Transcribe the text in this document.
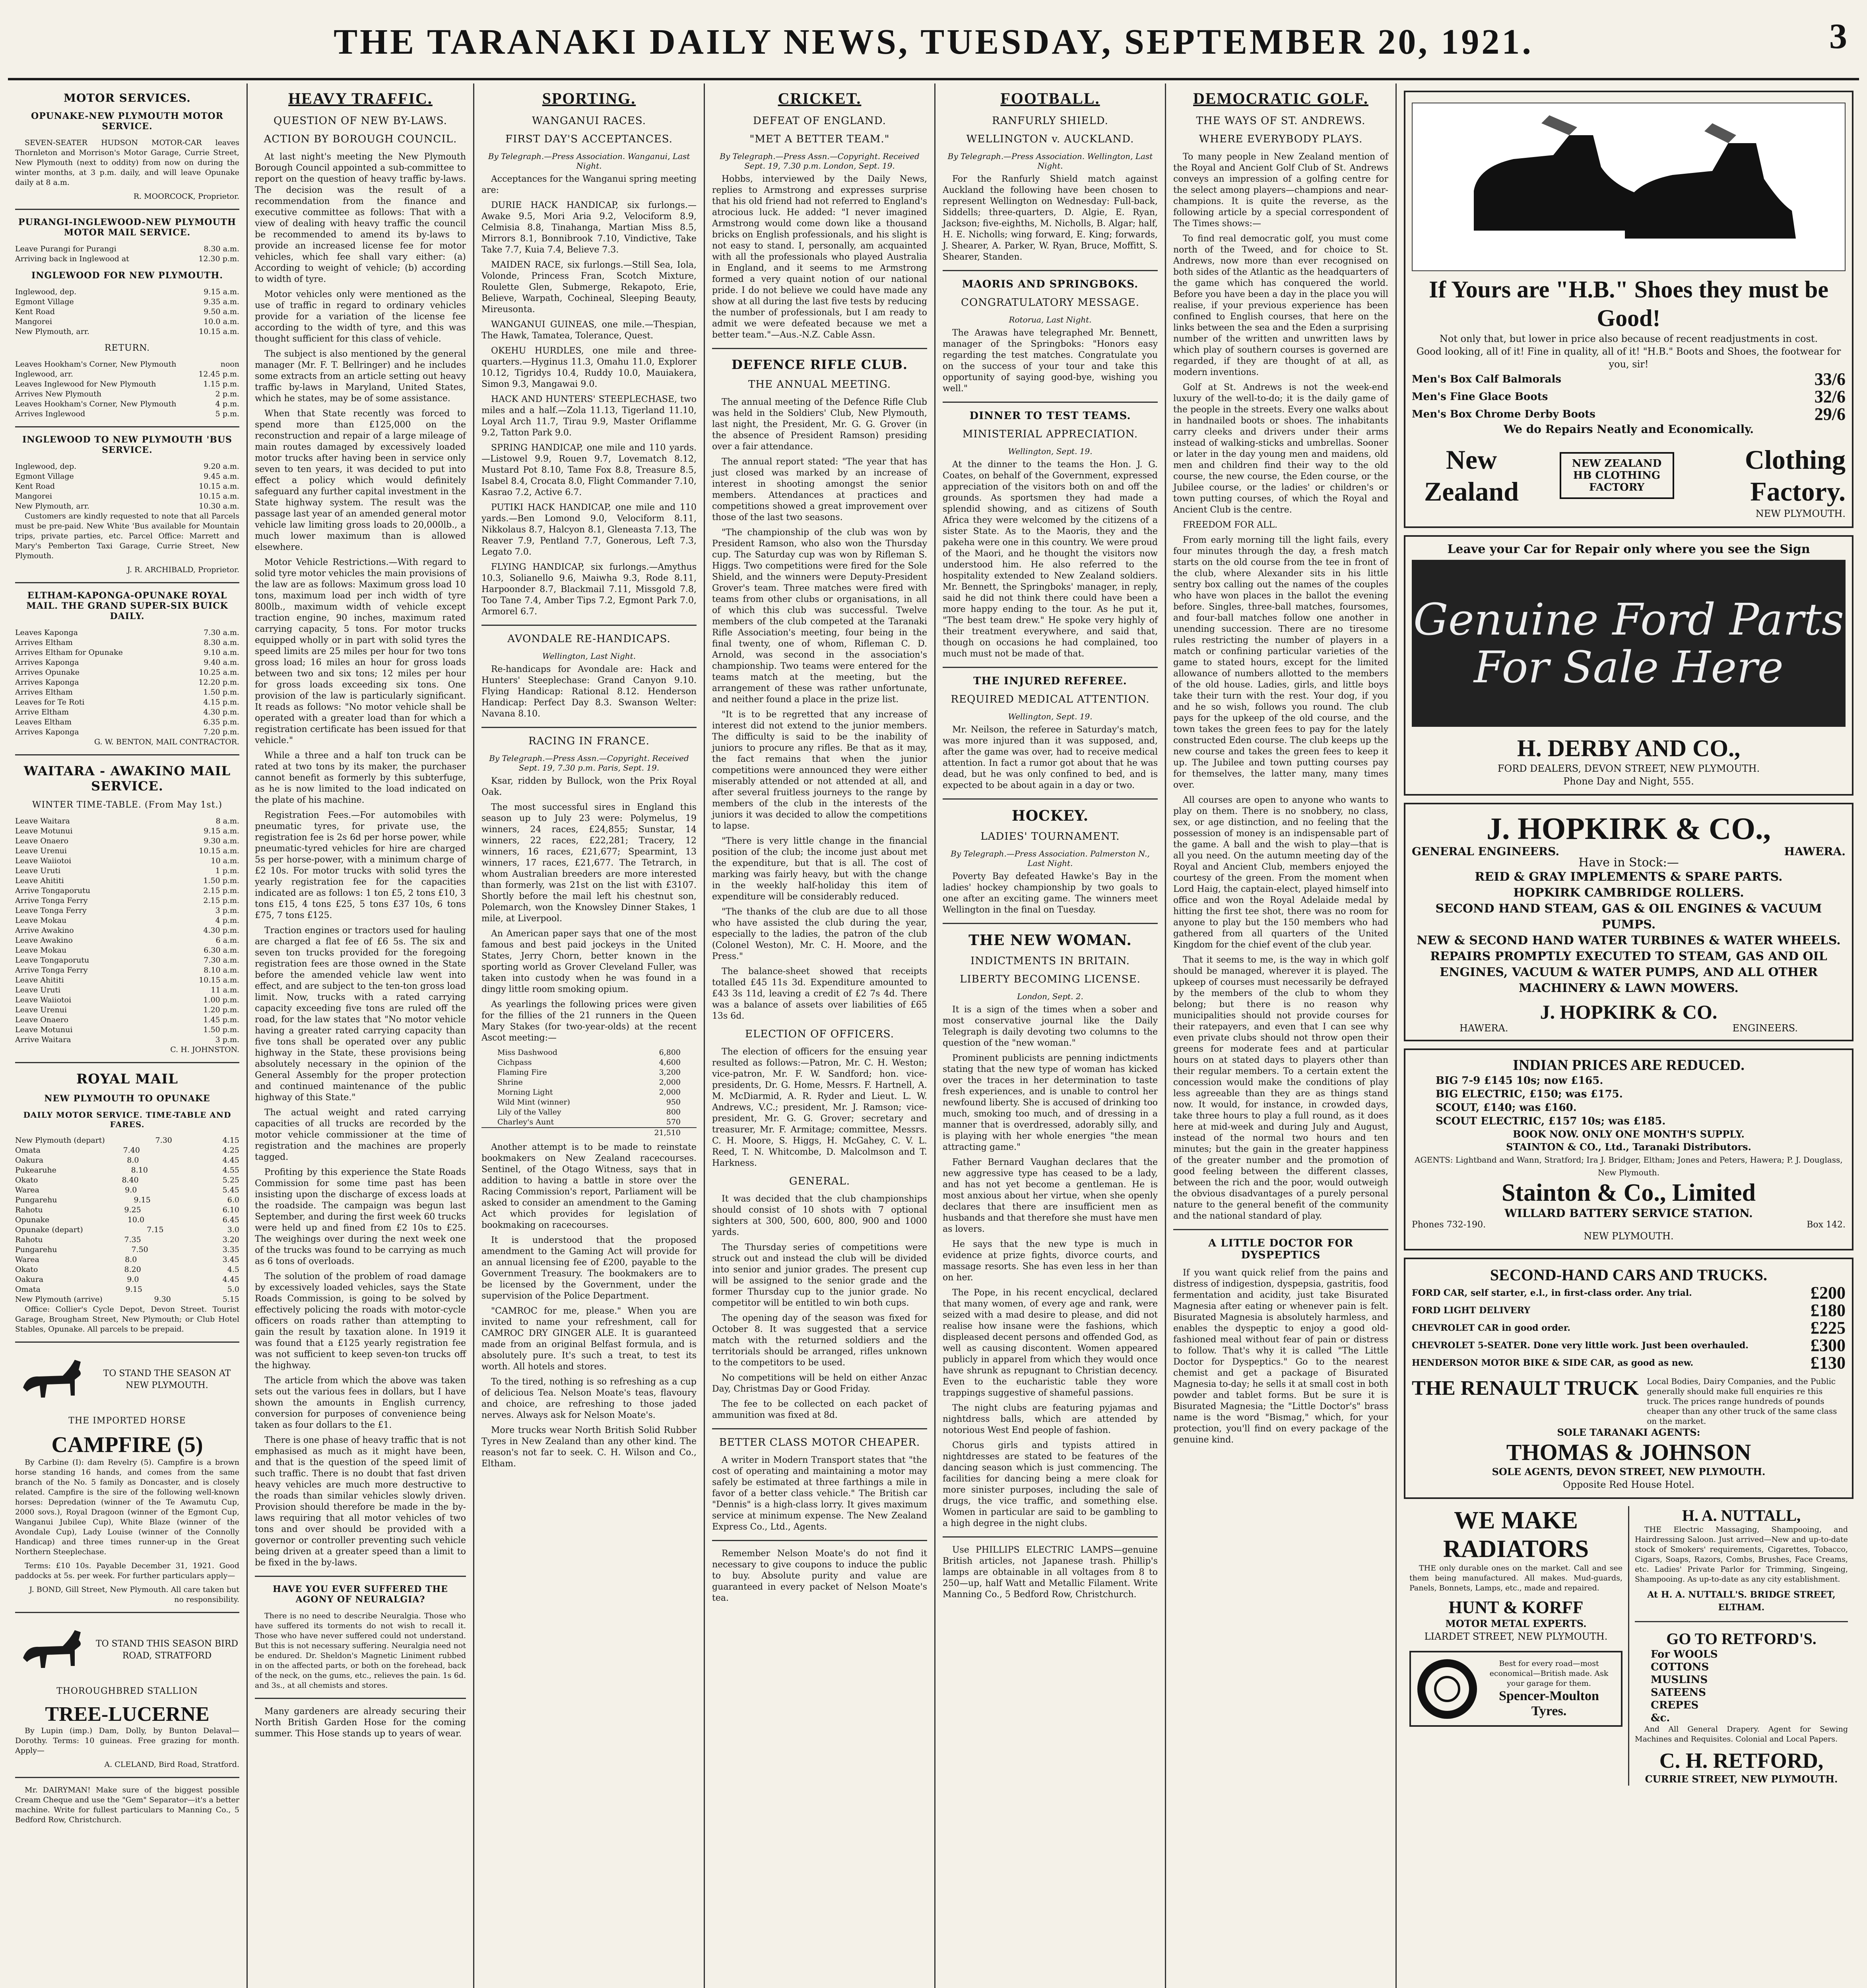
THE TARANAKI DAILY NEWS, TUESDAY, SEPTEMBER 20, 1921.	3
MOTOR SERVICES.
OPUNAKE-NEW PLYMOUTH MOTOR SERVICE.

SEVEN-SEATER HUDSON MOTOR-CAR leaves Thornleton and Morrison's Motor Garage, Currie Street, New Plymouth (next to oddity) from now on during the winter months, at 3 p.m. daily, and will leave Opunake daily at 8 a.m.

R. MOORCOCK, Proprietor.
PURANGI-INGLEWOOD-NEW PLYMOUTH MOTOR MAIL SERVICE.
Leave Purangi for Purangi	8.30 a.m.
Arriving back in Inglewood at	12.30 p.m.
INGLEWOOD FOR NEW PLYMOUTH.
Inglewood, dep.	9.15 a.m.
Egmont Village	9.35 a.m.
Kent Road	9.50 a.m.
Mangorei	10.0 a.m.
New Plymouth, arr.	10.15 a.m.
RETURN.
Leaves Hookham's Corner, New Plymouth	noon
Inglewood, arr.	12.45 p.m.
Leaves Inglewood for New Plymouth	1.15 p.m.
Arrives New Plymouth	2 p.m.
Leaves Hookham's Corner, New Plymouth	4 p.m.
Arrives Inglewood	5 p.m.
INGLEWOOD TO NEW PLYMOUTH 'BUS SERVICE.
Inglewood, dep.	9.20 a.m.
Egmont Village	9.45 a.m.
Kent Road	10.15 a.m.
Mangorei	10.15 a.m.
New Plymouth, arr.	10.30 a.m.

Customers are kindly requested to note that all Parcels must be pre-paid. New White 'Bus available for Mountain trips, private parties, etc. Parcel Office: Marrett and Mary's Pemberton Taxi Garage, Currie Street, New Plymouth.

J. R. ARCHIBALD, Proprietor.
ELTHAM-KAPONGA-OPUNAKE ROYAL MAIL. THE GRAND SUPER-SIX BUICK DAILY.
Leaves Kaponga	7.30 a.m.
Arrives Eltham	8.30 a.m.
Arrives Eltham for Opunake	9.10 a.m.
Arrives Kaponga	9.40 a.m.
Arrives Opunake	10.25 a.m.
Arrives Kaponga	12.20 p.m.
Arrives Eltham	1.50 p.m.
Leaves for Te Roti	4.15 p.m.
Arrive Eltham	4.30 p.m.
Leaves Eltham	6.35 p.m.
Arrives Kaponga	7.20 p.m.
G. W. BENTON, MAIL CONTRACTOR.
WAITARA - AWAKINO MAIL SERVICE.
WINTER TIME-TABLE. (From May 1st.)
Leave Waitara	8 a.m.
Leave Motunui	9.15 a.m.
Leave Onaero	9.30 a.m.
Leave Urenui	10.15 a.m.
Leave Waiiotoi	10 a.m.
Leave Uruti	1 p.m.
Leave Ahititi	1.50 p.m.
Arrive Tongaporutu	2.15 p.m.
Arrive Tonga Ferry	2.15 p.m.
Leave Tonga Ferry	3 p.m.
Leave Mokau	4 p.m.
Arrive Awakino	4.30 p.m.
Leave Awakino	6 a.m.
Leave Mokau	6.30 a.m.
Leave Tongaporutu	7.30 a.m.
Arrive Tonga Ferry	8.10 a.m.
Leave Ahititi	10.15 a.m.
Leave Uruti	11 a.m.
Leave Waiiotoi	1.00 p.m.
Leave Urenui	1.20 p.m.
Leave Onaero	1.45 p.m.
Leave Motunui	1.50 p.m.
Arrive Waitara	3 p.m.
C. H. JOHNSTON.
ROYAL MAIL
NEW PLYMOUTH TO OPUNAKE
DAILY MOTOR SERVICE. TIME-TABLE AND FARES.
New Plymouth (depart)	7.30	4.15
Omata	7.40	4.25
Oakura	8.0	4.45
Pukearuhe	8.10	4.55
Okato	8.40	5.25
Warea	9.0	5.45
Pungarehu	9.15	6.0
Rahotu	9.25	6.10
Opunake	10.0	6.45
Opunake (depart)	7.15	3.0
Rahotu	7.35	3.20
Pungarehu	7.50	3.35
Warea	8.0	3.45
Okato	8.20	4.5
Oakura	9.0	4.45
Omata	9.15	5.0
New Plymouth (arrive)	9.30	5.15

Office: Collier's Cycle Depot, Devon Street. Tourist Garage, Brougham Street, New Plymouth; or Club Hotel Stables, Opunake. All parcels to be prepaid.

TO STAND THE SEASON AT NEW PLYMOUTH.
THE IMPORTED HORSE
CAMPFIRE (5)

By Carbine (I): dam Revelry (5). Campfire is a brown horse standing 16 hands, and comes from the same branch of the No. 5 family as Doncaster, and is closely related. Campfire is the sire of the following well-known horses: Depredation (winner of the Te Awamutu Cup, 2000 sovs.), Royal Dragoon (winner of the Egmont Cup, Wanganui Jubilee Cup), White Blaze (winner of the Avondale Cup), Lady Louise (winner of the Connolly Handicap) and three times runner-up in the Great Northern Steeplechase.

Terms: £10 10s. Payable December 31, 1921. Good paddocks at 5s. per week. For further particulars apply—

J. BOND, Gill Street, New Plymouth. All care taken but no responsibility.

TO STAND THIS SEASON BIRD ROAD, STRATFORD
THOROUGHBRED STALLION
TREE-LUCERNE

By Lupin (imp.) Dam, Dolly, by Bunton Delaval—Dorothy. Terms: 10 guineas. Free grazing for month. Apply—

A. CLELAND, Bird Road, Stratford.

Mr. DAIRYMAN! Make sure of the biggest possible Cream Cheque and use the "Gem" Separator—it's a better machine. Write for fullest particulars to Manning Co., 5 Bedford Row, Christchurch.

HEAVY TRAFFIC.
QUESTION OF NEW BY-LAWS.
ACTION BY BOROUGH COUNCIL.

At last night's meeting the New Plymouth Borough Council appointed a sub-committee to report on the question of heavy traffic by-laws. The decision was the result of a recommendation from the finance and executive committee as follows: That with a view of dealing with heavy traffic the council be recommended to amend its by-laws to provide an increased license fee for motor vehicles, which fee shall vary either: (a) According to weight of vehicle; (b) according to width of tyre.

Motor vehicles only were mentioned as the use of traffic in regard to ordinary vehicles provide for a variation of the license fee according to the width of tyre, and this was thought sufficient for this class of vehicle.

The subject is also mentioned by the general manager (Mr. F. T. Bellringer) and he includes some extracts from an article setting out heavy traffic by-laws in Maryland, United States, which he states, may be of some assistance.

When that State recently was forced to spend more than £125,000 on the reconstruction and repair of a large mileage of main routes damaged by excessively loaded motor trucks after having been in service only seven to ten years, it was decided to put into effect a policy which would definitely safeguard any further capital investment in the State highway system. The result was the passage last year of an amended general motor vehicle law limiting gross loads to 20,000lb., a much lower maximum than is allowed elsewhere.

Motor Vehicle Restrictions.—With regard to solid tyre motor vehicles the main provisions of the law are as follows: Maximum gross load 10 tons, maximum load per inch width of tyre 800lb., maximum width of vehicle except traction engine, 90 inches, maximum rated carrying capacity, 5 tons. For motor trucks equipped wholly or in part with solid tyres the speed limits are 25 miles per hour for two tons gross load; 16 miles an hour for gross loads between two and six tons; 12 miles per hour for gross loads exceeding six tons. One provision of the law is particularly significant. It reads as follows: "No motor vehicle shall be operated with a greater load than for which a registration certificate has been issued for that vehicle."

While a three and a half ton truck can be rated at two tons by its maker, the purchaser cannot benefit as formerly by this subterfuge, as he is now limited to the load indicated on the plate of his machine.

Registration Fees.—For automobiles with pneumatic tyres, for private use, the registration fee is 2s 6d per horse power, while pneumatic-tyred vehicles for hire are charged 5s per horse-power, with a minimum charge of £2 10s. For motor trucks with solid tyres the yearly registration fee for the capacities indicated are as follows: 1 ton £5, 2 tons £10, 3 tons £15, 4 tons £25, 5 tons £37 10s, 6 tons £75, 7 tons £125.

Traction engines or tractors used for hauling are charged a flat fee of £6 5s. The six and seven ton trucks provided for the foregoing registration fees are those owned in the State before the amended vehicle law went into effect, and are subject to the ten-ton gross load limit. Now, trucks with a rated carrying capacity exceeding five tons are ruled off the road, for the law states that "No motor vehicle having a greater rated carrying capacity than five tons shall be operated over any public highway in the State, these provisions being absolutely necessary in the opinion of the General Assembly for the proper protection and continued maintenance of the public highway of this State."

The actual weight and rated carrying capacities of all trucks are recorded by the motor vehicle commissioner at the time of registration and the machines are properly tagged.

Profiting by this experience the State Roads Commission for some time past has been insisting upon the discharge of excess loads at the roadside. The campaign was begun last September, and during the first week 60 trucks were held up and fined from £2 10s to £25. The weighings over during the next week one of the trucks was found to be carrying as much as 6 tons of overloads.

The solution of the problem of road damage by excessively loaded vehicles, says the State Roads Commission, is going to be solved by effectively policing the roads with motor-cycle officers on roads rather than attempting to gain the result by taxation alone. In 1919 it was found that a £125 yearly registration fee was not sufficient to keep seven-ton trucks off the highway.

The article from which the above was taken sets out the various fees in dollars, but I have shown the amounts in English currency, conversion for purposes of convenience being taken as four dollars to the £1.

There is one phase of heavy traffic that is not emphasised as much as it might have been, and that is the question of the speed limit of such traffic. There is no doubt that fast driven heavy vehicles are much more destructive to the roads than similar vehicles slowly driven. Provision should therefore be made in the by-laws requiring that all motor vehicles of two tons and over should be provided with a governor or controller preventing such vehicle being driven at a greater speed than a limit to be fixed in the by-laws.

HAVE YOU EVER SUFFERED THE AGONY OF NEURALGIA?

There is no need to describe Neuralgia. Those who have suffered its torments do not wish to recall it. Those who have never suffered could not understand. But this is not necessary suffering. Neuralgia need not be endured. Dr. Sheldon's Magnetic Liniment rubbed in on the affected parts, or both on the forehead, back of the neck, on the gums, etc., relieves the pain. 1s 6d. and 3s., at all chemists and stores.

Many gardeners are already securing their North British Garden Hose for the coming summer. This Hose stands up to years of wear.

SPORTING.
WANGANUI RACES.
FIRST DAY'S ACCEPTANCES.
By Telegraph.—Press Association. Wanganui, Last Night.

Acceptances for the Wanganui spring meeting are:

DURIE HACK HANDICAP, six furlongs.—Awake 9.5, Mori Aria 9.2, Velociform 8.9, Celmisia 8.8, Tinahanga, Martian Miss 8.5, Mirrors 8.1, Bonnibrook 7.10, Vindictive, Take Take 7.7, Kuia 7.4, Believe 7.3.

MAIDEN RACE, six furlongs.—Still Sea, Iola, Volonde, Princess Fran, Scotch Mixture, Roulette Glen, Submerge, Rekapoto, Erie, Believe, Warpath, Cochineal, Sleeping Beauty, Mireusonta.

WANGANUI GUINEAS, one mile.—Thespian, The Hawk, Tamatea, Tolerance, Quest.

OKEHU HURDLES, one mile and three-quarters.—Hyginus 11.3, Omahu 11.0, Explorer 10.12, Tigridys 10.4, Ruddy 10.0, Mauiakera, Simon 9.3, Mangawai 9.0.

HACK AND HUNTERS' STEEPLECHASE, two miles and a half.—Zola 11.13, Tigerland 11.10, Loyal Arch 11.7, Tirau 9.9, Master Oriflamme 9.2, Tatton Park 9.0.

SPRING HANDICAP, one mile and 110 yards.—Listowel 9.9, Rouen 9.7, Lovematch 8.12, Mustard Pot 8.10, Tame Fox 8.8, Treasure 8.5, Isabel 8.4, Crocata 8.0, Flight Commander 7.10, Kasrao 7.2, Active 6.7.

PUTIKI HACK HANDICAP, one mile and 110 yards.—Ben Lomond 9.0, Velociform 8.11, Nikkolaus 8.7, Halcyon 8.1, Gleneasta 7.13, The Reaver 7.9, Pentland 7.7, Gonerous, Left 7.3, Legato 7.0.

FLYING HANDICAP, six furlongs.—Amythus 10.3, Solianello 9.6, Maiwha 9.3, Rode 8.11, Harpoonder 8.7, Blackmail 7.11, Missgold 7.8, Too Tane 7.4, Amber Tips 7.2, Egmont Park 7.0, Armorel 6.7.

AVONDALE RE-HANDICAPS.
Wellington, Last Night.

Re-handicaps for Avondale are: Hack and Hunters' Steeplechase: Grand Canyon 9.10. Flying Handicap: Rational 8.12. Henderson Handicap: Perfect Day 8.3. Swanson Welter: Navana 8.10.

RACING IN FRANCE.
By Telegraph.—Press Assn.—Copyright. Received Sept. 19, 7.30 p.m. Paris, Sept. 19.

Ksar, ridden by Bullock, won the Prix Royal Oak.

The most successful sires in England this season up to July 23 were: Polymelus, 19 winners, 24 races, £24,855; Sunstar, 14 winners, 22 races, £22,281; Tracery, 12 winners, 16 races, £21,677; Spearmint, 13 winners, 17 races, £21,677. The Tetrarch, in whom Australian breeders are more interested than formerly, was 21st on the list with £3107. Shortly before the mail left his chestnut son, Polemarch, won the Knowsley Dinner Stakes, 1 mile, at Liverpool.

An American paper says that one of the most famous and best paid jockeys in the United States, Jerry Chorn, better known in the sporting world as Grover Cleveland Fuller, was taken into custody when he was found in a dingy little room smoking opium.

As yearlings the following prices were given for the fillies of the 21 runners in the Queen Mary Stakes (for two-year-olds) at the recent Ascot meeting:—

Miss Dashwood	6,800
Cichpass	4,600
Flaming Fire	3,200
Shrine	2,000
Morning Light	2,000
Wild Mint (winner)	950
Lily of the Valley	800
Charley's Aunt	570
21,510

Another attempt is to be made to reinstate bookmakers on New Zealand racecourses. Sentinel, of the Otago Witness, says that in addition to having a battle in store over the Racing Commission's report, Parliament will be asked to consider an amendment to the Gaming Act which provides for legislation of bookmaking on racecourses.

It is understood that the proposed amendment to the Gaming Act will provide for an annual licensing fee of £200, payable to the Government Treasury. The bookmakers are to be licensed by the Government, under the supervision of the Police Department.

"CAMROC for me, please." When you are invited to name your refreshment, call for CAMROC DRY GINGER ALE. It is guaranteed made from an original Belfast formula, and is absolutely pure. It's such a treat, to test its worth. All hotels and stores.

To the tired, nothing is so refreshing as a cup of delicious Tea. Nelson Moate's teas, flavoury and choice, are refreshing to those jaded nerves. Always ask for Nelson Moate's.

More trucks wear North British Solid Rubber Tyres in New Zealand than any other kind. The reason's not far to seek. C. H. Wilson and Co., Eltham.

CRICKET.
DEFEAT OF ENGLAND.
"MET A BETTER TEAM."
By Telegraph.—Press Assn.—Copyright. Received Sept. 19, 7.30 p.m. London, Sept. 19.

Hobbs, interviewed by the Daily News, replies to Armstrong and expresses surprise that his old friend had not referred to England's atrocious luck. He added: "I never imagined Armstrong would come down like a thousand bricks on English professionals, and his slight is not easy to stand. I, personally, am acquainted with all the professionals who played Australia in England, and it seems to me Armstrong formed a very quaint notion of our national pride. I do not believe we could have made any show at all during the last five tests by reducing the number of professionals, but I am ready to admit we were defeated because we met a better team."—Aus.-N.Z. Cable Assn.

DEFENCE RIFLE CLUB.
THE ANNUAL MEETING.

The annual meeting of the Defence Rifle Club was held in the Soldiers' Club, New Plymouth, last night, the President, Mr. G. G. Grover (in the absence of President Ramson) presiding over a fair attendance.

The annual report stated: "The year that has just closed was marked by an increase of interest in shooting amongst the senior members. Attendances at practices and competitions showed a great improvement over those of the last two seasons.

"The championship of the club was won by President Ramson, who also won the Thursday cup. The Saturday cup was won by Rifleman S. Higgs. Two competitions were fired for the Sole Shield, and the winners were Deputy-President Grover's team. Three matches were fired with teams from other clubs or organisations, in all of which this club was successful. Twelve members of the club competed at the Taranaki Rifle Association's meeting, four being in the final twenty, one of whom, Rifleman C. D. Arnold, was second in the association's championship. Two teams were entered for the teams match at the meeting, but the arrangement of these was rather unfortunate, and neither found a place in the prize list.

"It is to be regretted that any increase of interest did not extend to the junior members. The difficulty is said to be the inability of juniors to procure any rifles. Be that as it may, the fact remains that when the junior competitions were announced they were either miserably attended or not attended at all, and after several fruitless journeys to the range by members of the club in the interests of the juniors it was decided to allow the competitions to lapse.

"There is very little change in the financial position of the club; the income just about met the expenditure, but that is all. The cost of marking was fairly heavy, but with the change in the weekly half-holiday this item of expenditure will be considerably reduced.

"The thanks of the club are due to all those who have assisted the club during the year, especially to the ladies, the patron of the club (Colonel Weston), Mr. C. H. Moore, and the Press."

The balance-sheet showed that receipts totalled £45 11s 3d. Expenditure amounted to £43 3s 11d, leaving a credit of £2 7s 4d. There was a balance of assets over liabilities of £65 13s 6d.

ELECTION OF OFFICERS.

The election of officers for the ensuing year resulted as follows:—Patron, Mr. C. H. Weston; vice-patron, Mr. F. W. Sandford; hon. vice-presidents, Dr. G. Home, Messrs. F. Hartnell, A. M. McDiarmid, A. R. Ryder and Lieut. L. W. Andrews, V.C.; president, Mr. J. Ramson; vice-president, Mr. G. G. Grover; secretary and treasurer, Mr. F. Armitage; committee, Messrs. C. H. Moore, S. Higgs, H. McGahey, C. V. L. Reed, T. N. Whitcombe, D. Malcolmson and T. Harkness.

GENERAL.

It was decided that the club championships should consist of 10 shots with 7 optional sighters at 300, 500, 600, 800, 900 and 1000 yards.

The Thursday series of competitions were struck out and instead the club will be divided into senior and junior grades. The present cup will be assigned to the senior grade and the former Thursday cup to the junior grade. No competitor will be entitled to win both cups.

The opening day of the season was fixed for October 8. It was suggested that a service match with the returned soldiers and the territorials should be arranged, rifles unknown to the competitors to be used.

No competitions will be held on either Anzac Day, Christmas Day or Good Friday.

The fee to be collected on each packet of ammunition was fixed at 8d.

BETTER CLASS MOTOR CHEAPER.

A writer in Modern Transport states that "the cost of operating and maintaining a motor may safely be estimated at three farthings a mile in favor of a better class vehicle." The British car "Dennis" is a high-class lorry. It gives maximum service at minimum expense. The New Zealand Express Co., Ltd., Agents.

Remember Nelson Moate's do not find it necessary to give coupons to induce the public to buy. Absolute purity and value are guaranteed in every packet of Nelson Moate's tea.

FOOTBALL.
RANFURLY SHIELD.
WELLINGTON v. AUCKLAND.
By Telegraph.—Press Association. Wellington, Last Night.

For the Ranfurly Shield match against Auckland the following have been chosen to represent Wellington on Wednesday: Full-back, Siddells; three-quarters, D. Algie, E. Ryan, Jackson; five-eighths, M. Nicholls, B. Algar; half, H. E. Nicholls; wing forward, E. King; forwards, J. Shearer, A. Parker, W. Ryan, Bruce, Moffitt, S. Shearer, Standen.

MAORIS AND SPRINGBOKS.
CONGRATULATORY MESSAGE.
Rotorua, Last Night.

The Arawas have telegraphed Mr. Bennett, manager of the Springboks: "Honors easy regarding the test matches. Congratulate you on the success of your tour and take this opportunity of saying good-bye, wishing you well."

DINNER TO TEST TEAMS.
MINISTERIAL APPRECIATION.
Wellington, Sept. 19.

At the dinner to the teams the Hon. J. G. Coates, on behalf of the Government, expressed appreciation of the visitors both on and off the grounds. As sportsmen they had made a splendid showing, and as citizens of South Africa they were welcomed by the citizens of a sister State. As to the Maoris, they and the pakeha were one in this country. We were proud of the Maori, and he thought the visitors now understood him. He also referred to the hospitality extended to New Zealand soldiers. Mr. Bennett, the Springboks' manager, in reply, said he did not think there could have been a more happy ending to the tour. As he put it, "The best team drew." He spoke very highly of their treatment everywhere, and said that, though on occasions he had complained, too much must not be made of that.

THE INJURED REFEREE.
REQUIRED MEDICAL ATTENTION.
Wellington, Sept. 19.

Mr. Neilson, the referee in Saturday's match, was more injured than it was supposed, and, after the game was over, had to receive medical attention. In fact a rumor got about that he was dead, but he was only confined to bed, and is expected to be about again in a day or two.

HOCKEY.
LADIES' TOURNAMENT.
By Telegraph.—Press Association. Palmerston N., Last Night.

Poverty Bay defeated Hawke's Bay in the ladies' hockey championship by two goals to one after an exciting game. The winners meet Wellington in the final on Tuesday.

THE NEW WOMAN.
INDICTMENTS IN BRITAIN.
LIBERTY BECOMING LICENSE.
London, Sept. 2.

It is a sign of the times when a sober and most conservative journal like the Daily Telegraph is daily devoting two columns to the question of the "new woman."

Prominent publicists are penning indictments stating that the new type of woman has kicked over the traces in her determination to taste fresh experiences, and is unable to control her newfound liberty. She is accused of drinking too much, smoking too much, and of dressing in a manner that is overdressed, adorably silly, and is playing with her whole energies "the mean attracting game."

Father Bernard Vaughan declares that the new aggressive type has ceased to be a lady, and has not yet become a gentleman. He is most anxious about her virtue, when she openly declares that there are insufficient men as husbands and that therefore she must have men as lovers.

He says that the new type is much in evidence at prize fights, divorce courts, and massage resorts. She has even less in her than on her.

The Pope, in his recent encyclical, declared that many women, of every age and rank, were seized with a mad desire to please, and did not realise how insane were the fashions, which displeased decent persons and offended God, as well as causing discontent. Women appeared publicly in apparel from which they would once have shrunk as repugnant to Christian decency. Even to the eucharistic table they wore trappings suggestive of shameful passions.

The night clubs are featuring pyjamas and nightdress balls, which are attended by notorious West End people of fashion.

Chorus girls and typists attired in nightdresses are stated to be features of the dancing season which is just commencing. The facilities for dancing being a mere cloak for more sinister purposes, including the sale of drugs, the vice traffic, and something else. Women in particular are said to be gambling to a high degree in the night clubs.

Use PHILLIPS ELECTRIC LAMPS—genuine British articles, not Japanese trash. Phillip's lamps are obtainable in all voltages from 8 to 250—up, half Watt and Metallic Filament. Write Manning Co., 5 Bedford Row, Christchurch.

DEMOCRATIC GOLF.
THE WAYS OF ST. ANDREWS.
WHERE EVERYBODY PLAYS.

To many people in New Zealand mention of the Royal and Ancient Golf Club of St. Andrews conveys an impression of a golfing centre for the select among players—champions and near-champions. It is quite the reverse, as the following article by a special correspondent of The Times shows:—

To find real democratic golf, you must come north of the Tweed, and for choice to St. Andrews, now more than ever recognised on both sides of the Atlantic as the headquarters of the game which has conquered the world. Before you have been a day in the place you will realise, if your previous experience has been confined to English courses, that here on the links between the sea and the Eden a surprising number of the written and unwritten laws by which play of southern courses is governed are regarded, if they are thought of at all, as modern inventions.

Golf at St. Andrews is not the week-end luxury of the well-to-do; it is the daily game of the people in the streets. Every one walks about in handnailed boots or shoes. The inhabitants carry cleeks and drivers under their arms instead of walking-sticks and umbrellas. Sooner or later in the day young men and maidens, old men and children find their way to the old course, the new course, the Eden course, or the Jubilee course, or the ladies' or children's or town putting courses, of which the Royal and Ancient Club is the centre.

FREEDOM FOR ALL.

From early morning till the light fails, every four minutes through the day, a fresh match starts on the old course from the tee in front of the club, where Alexander sits in his little sentry box calling out the names of the couples who have won places in the ballot the evening before. Singles, three-ball matches, foursomes, and four-ball matches follow one another in unending succession. There are no tiresome rules restricting the number of players in a match or confining particular varieties of the game to stated hours, except for the limited allowance of numbers allotted to the members of the old house. Ladies, girls, and little boys take their turn with the rest. Your dog, if you and he so wish, follows you round. The club pays for the upkeep of the old course, and the town takes the green fees to pay for the lately constructed Eden course. The club keeps up the new course and takes the green fees to keep it up. The Jubilee and town putting courses pay for themselves, the latter many, many times over.

All courses are open to anyone who wants to play on them. There is no snobbery, no class, sex, or age distinction, and no feeling that the possession of money is an indispensable part of the game. A ball and the wish to play—that is all you need. On the autumn meeting day of the Royal and Ancient Club, members enjoyed the courtesy of the green. From the moment when Lord Haig, the captain-elect, played himself into office and won the Royal Adelaide medal by hitting the first tee shot, there was no room for anyone to play but the 150 members who had gathered from all quarters of the United Kingdom for the chief event of the club year.

That it seems to me, is the way in which golf should be managed, wherever it is played. The upkeep of courses must necessarily be defrayed by the members of the club to whom they belong; but there is no reason why municipalities should not provide courses for their ratepayers, and even that I can see why even private clubs should not throw open their greens for moderate fees and at particular hours on at stated days to players other than their regular members. To a certain extent the concession would make the conditions of play less agreeable than they are as things stand now. It would, for instance, in crowded days, take three hours to play a full round, as it does here at mid-week and during July and August, instead of the normal two hours and ten minutes; but the gain in the greater happiness of the greater number and the promotion of good feeling between the different classes, between the rich and the poor, would outweigh the obvious disadvantages of a purely personal nature to the general benefit of the community and the national standard of play.

A LITTLE DOCTOR FOR DYSPEPTICS

If you want quick relief from the pains and distress of indigestion, dyspepsia, gastritis, food fermentation and acidity, just take Bisurated Magnesia after eating or whenever pain is felt. Bisurated Magnesia is absolutely harmless, and enables the dyspeptic to enjoy a good old-fashioned meal without fear of pain or distress to follow. That's why it is called "The Little Doctor for Dyspeptics." Go to the nearest chemist and get a package of Bisurated Magnesia to-day; he sells it at small cost in both powder and tablet forms. But be sure it is Bisurated Magnesia; the "Little Doctor's" brass name is the word "Bismag," which, for your protection, you'll find on every package of the genuine kind.

If Yours are "H.B." Shoes they must be Good!
Not only that, but lower in price also because of recent readjustments in cost.
Good looking, all of it! Fine in quality, all of it! "H.B." Boots and Shoes, the footwear for you, sir!
Men's Box Calf Balmorals	33/6
Men's Fine Glace Boots	32/6
Men's Box Chrome Derby Boots	29/6
We do Repairs Neatly and Economically.
New Zealand
NEW ZEALAND HB CLOTHING FACTORY
Clothing Factory.
NEW PLYMOUTH.
Leave your Car for Repair only where you see the Sign
Genuine Ford Parts For Sale Here
H. DERBY AND CO.,
FORD DEALERS, DEVON STREET, NEW PLYMOUTH.
Phone Day and Night, 555.
J. HOPKIRK & CO.,
GENERAL ENGINEERS.	HAWERA.
Have in Stock:—
REID & GRAY IMPLEMENTS & SPARE PARTS.
HOPKIRK CAMBRIDGE ROLLERS.
SECOND HAND STEAM, GAS & OIL ENGINES & VACUUM PUMPS.
NEW & SECOND HAND WATER TURBINES & WATER WHEELS.
REPAIRS PROMPTLY EXECUTED TO STEAM, GAS AND OIL ENGINES, VACUUM & WATER PUMPS, AND ALL OTHER MACHINERY & LAWN MOWERS.
J. HOPKIRK & CO.
HAWERA.	ENGINEERS.
INDIAN PRICES ARE REDUCED.
BIG 7-9 £145 10s; now £165.
BIG ELECTRIC, £150; was £175.
SCOUT, £140; was £160.
SCOUT ELECTRIC, £157 10s; was £185.
BOOK NOW. ONLY ONE MONTH'S SUPPLY.
STAINTON & CO., Ltd., Taranaki Distributors.
AGENTS: Lightband and Wann, Stratford; Ira J. Bridger, Eltham; Jones and Peters, Hawera; P. J. Douglass, New Plymouth.
Stainton & Co., Limited
WILLARD BATTERY SERVICE STATION.
Phones 732-190.	Box 142.
NEW PLYMOUTH.
SECOND-HAND CARS AND TRUCKS.
FORD CAR, self starter, e.l., in first-class order. Any trial.	£200
FORD LIGHT DELIVERY	£180
CHEVROLET CAR in good order.	£225
CHEVROLET 5-SEATER. Done very little work. Just been overhauled.	£300
HENDERSON MOTOR BIKE & SIDE CAR, as good as new.	£130
THE RENAULT TRUCK Local Bodies, Dairy Companies, and the Public generally should make full enquiries re this truck. The prices range hundreds of pounds cheaper than any other truck of the same class on the market.
SOLE TARANAKI AGENTS:
THOMAS & JOHNSON
SOLE AGENTS, DEVON STREET, NEW PLYMOUTH.
Opposite Red House Hotel.
WE MAKE RADIATORS

THE only durable ones on the market. Call and see them being manufactured. All makes. Mud-guards, Panels, Bonnets, Lamps, etc., made and repaired.

HUNT & KORFF
MOTOR METAL EXPERTS.
LIARDET STREET, NEW PLYMOUTH.
Best for every road—most economical—British made. Ask your garage for them.
Spencer-Moulton Tyres.
H. A. NUTTALL,

THE Electric Massaging, Shampooing, and Hairdressing Saloon. Just arrived—New and up-to-date stock of Smokers' requirements, Cigarettes, Tobacco, Cigars, Soaps, Razors, Combs, Brushes, Face Creams, etc. Ladies' Private Parlor for Trimming, Singeing, Shampooing. As up-to-date as any city establishment.

At H. A. NUTTALL'S. BRIDGE STREET, ELTHAM.
GO TO RETFORD'S.
For WOOLS
COTTONS
MUSLINS
SATEENS
CREPES
&c.

And All General Drapery. Agent for Sewing Machines and Requisites. Colonial and Local Papers.

C. H. RETFORD,
CURRIE STREET, NEW PLYMOUTH.
